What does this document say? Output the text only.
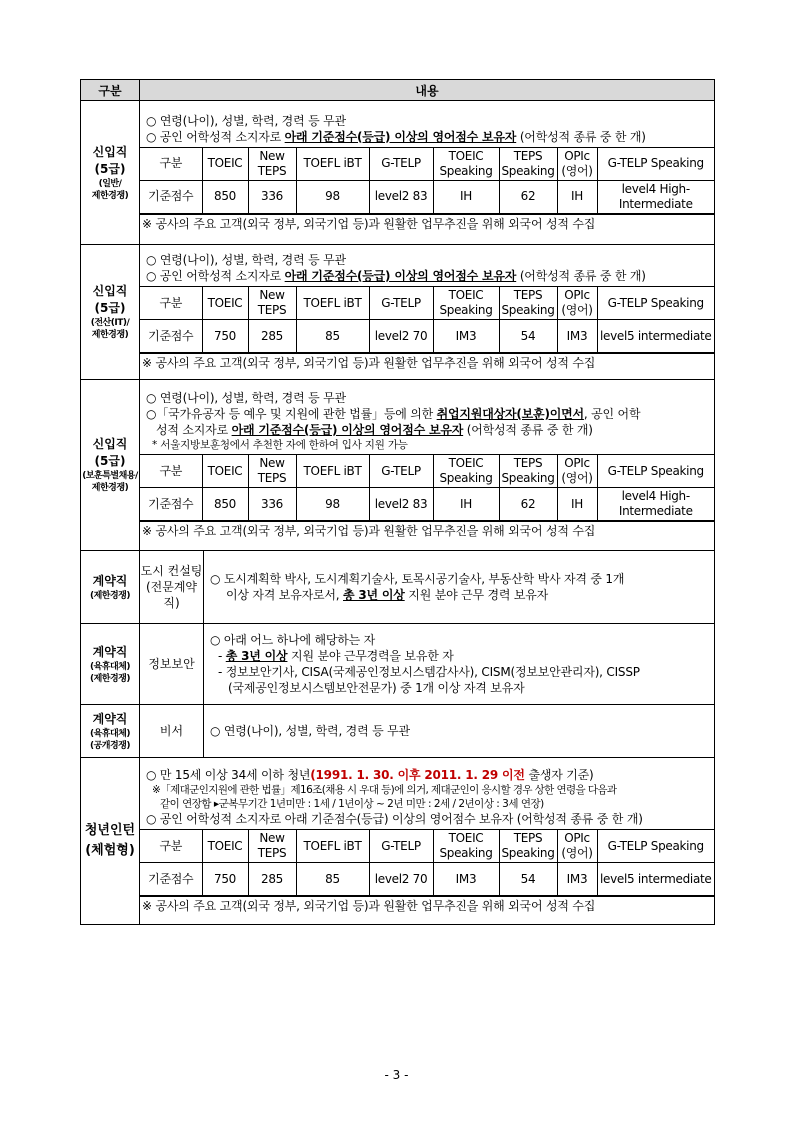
구분	내용

신입직
(5급)
(일반/
제한경쟁)

○ 연령(나이), 성별, 학력, 경력 등 무관
○ 공인 어학성적 소지자로 아래 기준점수(등급) 이상의 영어점수 보유자 (어학성적 종류 중 한 개)
구분	TOEIC	New TEPS	TOEFL iBT	G-TELP	TOEIC Speaking	TEPS Speaking	OPIc (영어)	G-TELP Speaking
기준점수	850	336	98	level2 83	IH	62	IH	level4 High-Intermediate
※ 공사의 주요 고객(외국 정부, 외국기업 등)과 원활한 업무추진을 위해 외국어 성적 수집

신입직
(5급)
(전산(IT)/
제한경쟁)

○ 연령(나이), 성별, 학력, 경력 등 무관
○ 공인 어학성적 소지자로 아래 기준점수(등급) 이상의 영어점수 보유자 (어학성적 종류 중 한 개)
구분	TOEIC	New TEPS	TOEFL iBT	G-TELP	TOEIC Speaking	TEPS Speaking	OPIc (영어)	G-TELP Speaking
기준점수	750	285	85	level2 70	IM3	54	IM3	level5 intermediate
※ 공사의 주요 고객(외국 정부, 외국기업 등)과 원활한 업무추진을 위해 외국어 성적 수집

신입직
(5급)
(보훈특별채용/
제한경쟁)

○ 연령(나이), 성별, 학력, 경력 등 무관
○「국가유공자 등 예우 및 지원에 관한 법률」등에 의한 취업지원대상자(보훈)이면서, 공인 어학
성적 소지자로 아래 기준점수(등급) 이상의 영어점수 보유자 (어학성적 종류 중 한 개)
* 서울지방보훈청에서 추천한 자에 한하여 입사 지원 가능
구분	TOEIC	New TEPS	TOEFL iBT	G-TELP	TOEIC Speaking	TEPS Speaking	OPIc (영어)	G-TELP Speaking
기준점수	850	336	98	level2 83	IH	62	IH	level4 High-Intermediate
※ 공사의 주요 고객(외국 정부, 외국기업 등)과 원활한 업무추진을 위해 외국어 성적 수집

계약직
(제한경쟁)
	도시 컨설팅 (전문계약직)	
○ 도시계획학 박사, 도시계획기술사, 토목시공기술사, 부동산학 박사 자격 중 1개
이상 자격 보유자로서, 총 3년 이상 지원 분야 근무 경력 보유자

계약직
(육휴대체)
(제한경쟁)
	정보보안	
○ 아래 어느 하나에 해당하는 자
- 총 3년 이상 지원 분야 근무경력을 보유한 자
- 정보보안기사, CISA(국제공인정보시스템감사사), CISM(정보보안관리자), CISSP
(국제공인정보시스템보안전문가) 중 1개 이상 자격 보유자

계약직
(육휴대체)
(공개경쟁)
	비서	○ 연령(나이), 성별, 학력, 경력 등 무관

청년인턴
(체험형)

○ 만 15세 이상 34세 이하 청년(1991. 1. 30. 이후 2011. 1. 29 이전 출생자 기준)
※「제대군인지원에 관한 법률」제16조(채용 시 우대 등)에 의거, 제대군인이 응시할 경우 상한 연령을 다음과
같이 연장함 ▸군복무기간 1년미만 : 1세 / 1년이상 ~ 2년 미만 : 2세 / 2년이상 : 3세 연장)
○ 공인 어학성적 소지자로 아래 기준점수(등급) 이상의 영어점수 보유자 (어학성적 종류 중 한 개)
구분	TOEIC	New TEPS	TOEFL iBT	G-TELP	TOEIC Speaking	TEPS Speaking	OPIc (영어)	G-TELP Speaking
기준점수	750	285	85	level2 70	IM3	54	IM3	level5 intermediate
※ 공사의 주요 고객(외국 정부, 외국기업 등)과 원활한 업무추진을 위해 외국어 성적 수집
- 3 -
